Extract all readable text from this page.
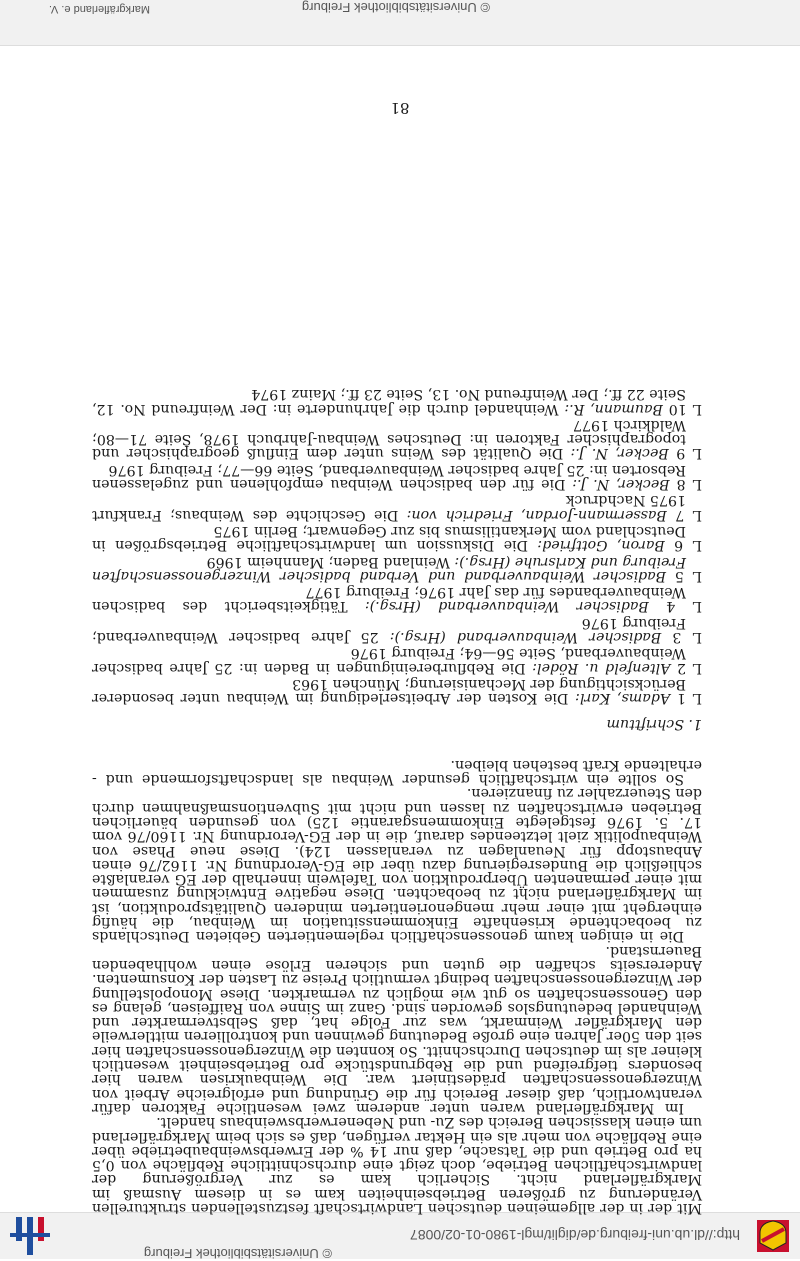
http://dl.ub.uni-freiburg.de/diglit/mgl-1980-01-02/0087
© Universitätsbibliothek Freiburg

Mit der in der allgemeinen deutschen Landwirtschaft festzustellenden strukturellen Veränderung zu größeren Betriebseinheiten kam es in diesem Ausmaß im Markgräflerland nicht. Sicherlich kam es zur Vergrößerung der landwirtschaftlichen Betriebe, doch zeigt eine durchschnittliche Rebfläche von 0,5 ha pro Betrieb und die Tatsache, daß nur 14 % der Erwerbsweinbaubetriebe über eine Rebfläche von mehr als ein Hektar verfügen, daß es sich beim Markgräflerland um einen klassischen Bereich des Zu- und Nebenerwerbsweinbaus handelt.

Im Markgräflerland waren unter anderem zwei wesentliche Faktoren dafür verantwortlich, daß dieser Bereich für die Gründung und erfolgreiche Arbeit von Winzergenossenschaften prädestiniert war. Die Weinbaukrisen waren hier besonders tiefgreifend und die Rebgrundstücke pro Betriebseinheit wesentlich kleiner als im deutschen Durchschnitt. So konnten die Winzergenossenschaften hier seit den 50er Jahren eine große Bedeutung gewinnen und kontrollieren mittlerweile den Markgräfler Weinmarkt, was zur Folge hat, daß Selbstvermarkter und Weinhandel bedeutungslos geworden sind. Ganz im Sinne von Raiffeisen, gelang es den Genossenschaften so gut wie möglich zu vermarkten. Diese Monopolstellung der Winzergenossenschaften bedingt vermutlich Preise zu Lasten der Konsumenten. Andererseits schaffen die guten und sicheren Erlöse einen wohlhabenden Bauernstand.

Die in einigen kaum genossenschaftlich reglementierten Gebieten Deutschlands zu beobachtende krisenhafte Einkommenssituation im Weinbau, die häufig einhergeht mit einer mehr mengenorientierten minderen Qualitätsproduktion, ist im Markgräflerland nicht zu beobachten. Diese negative Entwicklung zusammen mit einer permanenten Überproduktion von Tafelwein innerhalb der EG veranlaßte schließlich die Bundesregierung dazu über die EG-Verordnung Nr. 1162/76 einen Anbaustopp für Neuanlagen zu veranlassen 124). Diese neue Phase von Weinbaupolitik zielt letzteendes darauf, die in der EG-Verordnung Nr. 1160/76 vom 17. 5. 1976 festgelegte Einkommensgarantie 125) von gesunden bäuerlichen Betrieben erwirtschaften zu lassen und nicht mit Subventionsmaßnahmen durch den Steuerzahler zu finanzieren.

So sollte ein wirtschaftlich gesunder Weinbau als landschaftsformende und -erhaltende Kraft bestehen bleiben.

1. Schrifttum

L 1 Adams, Karl: Die Kosten der Arbeitserledigung im Weinbau unter besonderer Berücksichtigung der Mechanisierung; München 1963

L 2 Altenfeld u. Rödel: Die Rebflurbereinigungen in Baden in: 25 Jahre badischer Weinbauverband, Seite 56—64; Freiburg 1976

L 3 Badischer Weinbauverband (Hrsg.): 25 Jahre badischer Weinbauverband; Freiburg 1976

L 4 Badischer Weinbauverband (Hrsg.): Tätigkeitsbericht des badischen Weinbauverbandes für das Jahr 1976; Freiburg 1977

L 5 Badischer Weinbauverband und Verband badischer Winzergenossenschaften Freiburg und Karlsruhe (Hrsg.): Weinland Baden; Mannheim 1969

L 6 Baron, Gottfried: Die Diskussion um landwirtschaftliche Betriebsgrößen in Deutschland vom Merkantilismus bis zur Gegenwart; Berlin 1975

L 7 Bassermann-Jordan, Friedrich von: Die Geschichte des Weinbaus; Frankfurt 1975 Nachdruck

L 8 Becker, N. J.: Die für den badischen Weinbau empfohlenen und zugelassenen Rebsorten in: 25 Jahre badischer Weinbauverband, Seite 66—77; Freiburg 1976

L 9 Becker, N. J.: Die Qualität des Weins unter dem Einfluß geographischer und topographischer Faktoren in: Deutsches Weinbau-Jahrbuch 1978, Seite 71—80; Waldkirch 1977

L 10 Baumann, R.: Weinhandel durch die Jahrhunderte in: Der Weinfreund No. 12, Seite 22 ff.; Der Weinfreund No. 13, Seite 23 ff.; Mainz 1974

81
© Universitätsbibliothek Freiburg
Markgräflerland e. V.
